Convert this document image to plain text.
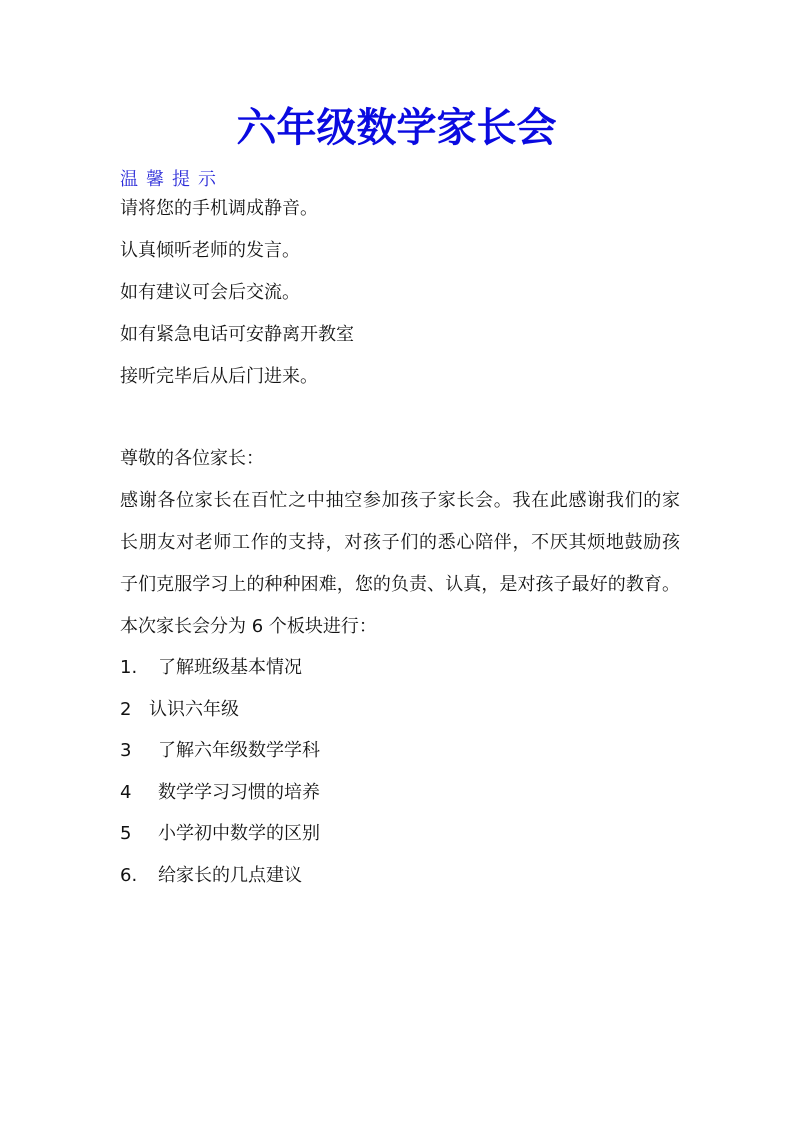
六年级数学家长会
温馨提示
请将您的手机调成静音。
认真倾听老师的发言。
如有建议可会后交流。
如有紧急电话可安静离开教室
接听完毕后从后门进来。
尊敬的各位家长：
感谢各位家长在百忙之中抽空参加孩子家长会。我在此感谢我们的家
长朋友对老师工作的支持，对孩子们的悉心陪伴，不厌其烦地鼓励孩
子们克服学习上的种种困难，您的负责、认真，是对孩子最好的教育。
本次家长会分为 6 个板块进行：
1. 了解班级基本情况
2 认识六年级
3 了解六年级数学学科
4 数学学习习惯的培养
5 小学初中数学的区别
6. 给家长的几点建议
